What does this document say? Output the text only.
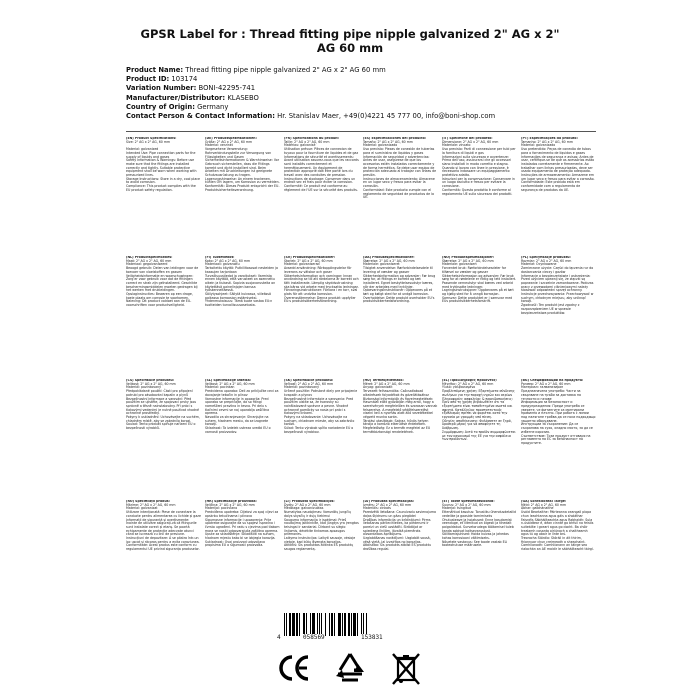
GPSR Label for : Thread fitting pipe nipple galvanized 2" AG x 2"
AG 60 mm
Product Name: Thread fitting pipe nipple galvanized 2" AG x 2" AG 60 mm
Product ID: 103174
Variation Number: BONI-42295-741
Manufacturer/Distributor: KLASEBO
Country of Origin: Germany
Contact Person & Contact Information: Hr. Stanislav Maer, +49(0)4221 45 777 00, info@boni-shop.com
(EN) Product Specifications:
Size: 2" AG x 2" AG, 60 mm

Material: galvanized
Intended Use: Pipe connection parts for the supply of liquids and gases
Safety Information & Warnings: Before use make sure that the fittings are installed correctly and tightly. Suitable protective equipment shall be worn when working with pressurized lines.
Storage Instructions: Store in a dry, cool place to avoid corrosion.
Compliance: This product complies with the EU product safety regulation.
(DE) Produktspezifikationen:
Größe: 2" AG x 2" AG, 60 mm
Material: verzinkt
Vorgesehene Verwendung: Rohrverbindungsteile zur Versorgung von Flüssigkeiten und Gasen
Sicherheitsinformationen & Warnhinweise: Vor Gebrauch sicherstellen, dass die Fittings korrekt und dicht installiert sind. Beim Arbeiten mit Druckleitungen ist geeignete Schutzausrüstung zu tragen.
Lagerungshinweise: An einem trockenen, kühlen Ort lagern, um Korrosion zu vermeiden.
Konformität: Dieses Produkt entspricht der EU-Produktsicherheitsverordnung.
(FR) Spécifications du produit:
Taille: 2" AG x 2" AG, 60 mm
Matériau: galvanisé
Utilisation prévue: Pièces de connexion de tuyaux pour la fourniture de liquides et de gaz
Informations de sécurité et avertissements: Avant utilisation assurez-vous que les raccords sont installés correctement et hermétiquement. Un équipement de protection approprié doit être porté lors du travail avec des conduites de pression.
Instructions de stockage: Conserver dans un endroit sec et frais pour éviter la corrosion.
Conformité: Ce produit est conforme au règlement de l'UE sur la sécurité des produits.
(ES) Especificaciones del producto:
Tamaño: 2" AG x 2" AG, 60 mm
Material: galvanizado
Uso previsto: Piezas de conexión de tuberías para el suministro de líquidos y gases
Información de seguridad y advertencias: Antes de usar, asegúrese de que los accesorios estén instalados correctamente y de forma hermética. Se debe usar equipo de protección adecuado al trabajar con líneas de presión.
Instrucciones de almacenamiento: Almacene en un lugar seco y fresco para evitar la corrosión.
Conformidad: Este producto cumple con el reglamento de seguridad de productos de la UE.
(IT) Specifiche del prodotto:
Dimensione: 2" AG x 2" AG, 60 mm
Materiale: zincato
Uso previsto: Parti di connessione per tubi per la fornitura di liquidi e gas
Informazioni sulla sicurezza e avvertenze: Prima dell'uso, assicurarsi che gli accessori siano installati in modo corretto e stagno. Quando si lavora con linee in pressione, è necessario indossare un equipaggiamento protettivo adatto.
Istruzioni per la conservazione: Conservare in un luogo asciutto e fresco per evitare la corrosione.
Conformità: Questo prodotto è conforme al regolamento UE sulla sicurezza dei prodotti.
(PT) Especificações do produto:
Tamanho: 2" AG x 2" AG, 60 mm
Material: galvanizado
Uso pretendido: Peças de conexão de tubos para o fornecimento de líquidos e gases
Informações de segurança e avisos: Antes de usar, certifique-se de que os acessórios estão instalados corretamente e firmemente. Ao trabalhar com linhas pressurizadas, deve ser usado equipamento de proteção adequado.
Instruções de armazenamento: Armazene em um lugar seco e fresco para evitar a corrosão.
Conformidade: Este produto está em conformidade com o regulamento de segurança de produtos da UE.
(NL) Productspecificaties:
Maat: 2" AG x 2" AG, 60 mm
Materiaal: gegalvaniseerd
Beoogd gebruik: Delen van leidingen voor de toevoer van vloeistoffen en gassen
Veiligheidsinformatie en waarschuwingen: Zorg er voor gebruik voor dat de fittingen correct en strak zijn geïnstalleerd. Geschikte beschermingsmiddelen moeten gedragen bij het werken met drukleidingen.
Opslaginstructies: Bewaren op een droge, koele plaats om corrosie te voorkomen.
Naleving: Dit product voldoet aan de EU-voorschriften voor productveiligheid.
(FI) Tuotetiedot:
Koko: 2" AG x 2" AG, 60 mm
Materiaali: galvanoitu
Tarkoitettu käyttö: Putkiliitososat nesteiden ja kaasujen tarjontaan
Turvallisuustiedot ja varoitukset: Varmista ennen käyttöä, että varusteet on asennettu oikein ja tiukasti. Sopivia suojavarusteita on käytettävä painelinjojen kanssa työskenneltäessä.
Säilytysohjeet: Säilytä kuivassa, viileässä paikassa korroosion estämiseksi.
Yhdenmukaisuus: Tämä tuote vastaa EU:n tuotteiden turvallisuusasetusta.
(SV) Produktspecifikationer:
Storlek: 2" AG x 2" AG, 60 mm
Material: galvaniserad
Avsedd användning: Rörkopplingsdelar för leverans av vätskor och gaser
Säkerhetsinformation och varningar: Innan användning se till att rördelarna är korrekt och tätt installerade. Lämplig skyddsutrustning ska bäras vid arbete med trycksatta ledningar.
Förvaringsinstruktioner: Förvara i en torr, sval plats för att undvika korrosion.
Överensstämmelse: Denna produkt uppfyller EU:s produktsäkerhetsförordning.
(DA) Produktspecifikationer:
Størrelse: 2" AG x 2" AG, 60 mm
Materiale: galvaniseret
Tilsigtet anvendelse: Rørforbindelsesdele til levering af væsker og gasser
Sikkerhedsinformation og advarsler: Før brug sørg for, at fittings er korrekt og tæt installeret. Egnet beskyttelsesudstyr bæres, når der arbejdes med tryklinjer.
Opbevaringsinstruktioner: Opbevares på et tørt og køligt sted for at undgå korrosion.
Overholdelse: Dette produkt overholder EU's produktsikkerhedsforordning.
(NO) Produktspesifikasjoner:
Størrelse: 2" AG x 2" AG, 60 mm
Materiale: galvanisert
Forventet bruk: Rørforbindelsesdeler for tilførsel av væsker og gasser
Sikkerhetsinformasjon og advarsler: Før bruk sørg for at rørdelene er riktig og tett installert. Passende verneutstyr skal bæres ved arbeid med trykksatte ledninger.
Lagringsinstruksjoner: Oppbevares på et tørt og kjølig sted for å unngå korrosjon.
Samsvar: Dette produktet er i samsvar med EUs produktsikkerhetsforskrift.
(PL) Specyfikacje produktu:
Rozmiar: 2" AG x 2" AG, 60 mm
Materiał: Ocynkowane
Zamierzone użycie: Części do łączenia rur do dostarczania cieczy i gazów
Informacje o bezpieczeństwie i ostrzeżenia: Przed użyciem upewnij się, że złączki są poprawnie i szczelnie zamontowane. Podczas pracy z przewodami ciśnieniowymi należy stosować odpowiedni sprzęt ochronny.
Instrukcje przechowywania: Przechowywać w suchym, chłodnym miejscu, aby uniknąć korozji.
Zgodność: Ten produkt jest zgodny z rozporządzeniem UE w sprawie bezpieczeństwa produktów.
(CS) Specifikace produktu:
Velikost: 2" AG x 2" AG, 60 mm
Materiál: pozinkovaný
Předpokládané použití: Části pro připojení potrubí pro zásobování kapalin a plynů
Bezpečnostní informace a varování: Před použitím se ujistěte, že spojovací prvky jsou správně a těsně nainstalovány. Při práci s tlakovými vedeními je nutné používat vhodné ochranné prostředky.
Pokyny k uskladnění: Uchovávejte na suchém, chladném místě, aby se zabránilo korozi.
Soulad: Tento produkt splňuje nařízení EU o bezpečnosti výrobků.
(SL) Specifikacije izdelka:
Velikost: 2" AG x 2" AG, 60 mm
Material: pocinkan
Predvidena uporaba: Deli za priključke cevi za dovajanje tekočin in plinov
Varnostne informacije in opozorila: Pred uporabo se prepričajte, da so fitingi nameščeni pravilno in tesno. Pri delu s tlačnimi cevmi se naj uporablja zaščitna oprema.
Navodila za shranjevanje: Shranjujte na suhem, hladnem mestu, da se izognete koroziji.
Skladnost: Ta izdelek ustreza uredbi EU o varnosti proizvodov.
(SK) Špecifikácie produktu:
Veľkosť: 2" AG x 2" AG, 60 mm
Materiál: pozinkovaný
Určené použitie: Potrubné diely pre pripojenie kvapalín a plynov
Bezpečnostné informácie a varovania: Pred použitím uistite sa, že tvarovky sú nainštalované správne a pevne. Vhodné ochranné pomôcky sa nosia pri práci s tlakovými linkami.
Pokyny na skladovanie: Uchovávajte na suchom, chladnom mieste, aby sa zabránilo korózii.
Súlad: Tento výrobok spĺňa nariadenie EÚ o bezpečnosti výrobkov.
(HU) Termékjellemzők:
Méret: 2" AG x 2" AG, 60 mm
Anyag: galvanizált
Tervezett felhasználás: Csőcsatlakozó alkatrészek folyadékok és gázellátásához
Biztonsági információk és figyelmeztetések: Használat előtt győződjön meg arról, hogy a szerelvények megfelelően és szorosan vannak felszerelve. A megfelelő védőfelszerelést viselni kell a nyomás alatt álló vezetékekkel végzett munka során.
Tárolási utasítások: Száraz, hűvös helyen tárolja a korrózió elkerülése érdekében.
Megfelelőség: Ez a termék megfelel az EU termékbiztonsági rendeletének.
(EL) Προδιαγραφές προϊόντος:
Μέγεθος: 2" AG x 2" AG, 60 mm
Υλικό: γαλβανισμένο
Προβλεπόμενη χρήση: Εξαρτήματα σύνδεσης σωλήνων για την παροχή υγρών και αερίων
Πληροφορίες ασφαλείας & προειδοποιήσεις: Πριν από τη χρήση βεβαιωθείτε ότι τα εξαρτήματα είναι τοποθετημένα σωστά και σφιχτά. Κατάλληλος προστατευτικός εξοπλισμός πρέπει να φοριέται κατά την εργασία με γραμμές υπό πίεση.
Οδηγίες αποθήκευσης: Φυλάσσετε σε ξηρό, δροσερό μέρος για να αποφύγετε τη διάβρωση.
Συμμόρφωση: Αυτό το προϊόν συμμορφώνεται με τον κανονισμό της ΕΕ για την ασφάλεια των προϊόντων.
(BG) Спецификации на продукта:
Размер: 2" AG x 2" AG, 60 mm
Материал: галванизиран
Предназначена употреба: Части за свързване на тръби за доставка на течности и газове
Информация за безопасност и предупреждения: Преди употреба се уверете, че фитингите са монтирани правилно и плътно. При работа с линии под налягане трябва да се носи подходящо защитно оборудване.
Инструкции за съхранение: Да се съхранява на сухо, хладно място, за да се избегне корозия.
Съответствие: Този продукт отговаря на регламента на ЕС за безопасност на продуктите.
(RO) Specificații produs:
Mărime: 2" AG x 2" AG, 60 mm
Material: galvanizat
Utilizare intenționată: Piese de conectare la conducte pentru alimentarea cu lichide și gaze
Informații de siguranță și avertismente: Înainte de utilizare asigurați-vă că fitingurile sunt instalate corect și etanș. Se poartă echipamente de protecție adecvate atunci când se lucrează cu linii de presiune.
Instrucțiuni de depozitare: A se păstra într-un loc uscat și răcoros pentru a evita coroziunea.
Conformitate: Acest produs este conform cu regulamentul UE privind siguranța produselor.
(HR) Specifikacije proizvoda:
Veličina: 2" AG x 2" AG, 60 mm
Materijal: pocinčano
Predviđena upotreba: Dijelovi za spoj cijevi za opskrbu tekućinama i plinova
Sigurnosne informacije i upozorenja: Prije upotrebe osigurajte da su spojevi ispravno i čvrsto ugrađeni. Pri radu s cjevima pod tlakom mora se nositi odgovarajuća zaštitna oprema.
Upute za skladištenje: Skladištiti na suhom, hladnom mjestu kako bi se izbjegla korozija.
Sukladnost: Ovaj proizvod udovoljava propisima EU o sigurnosti proizvoda.
(LT) Produkto specifikacijos:
Dydis: 2" AG x 2" AG, 60 mm
Medžiaga: galvanizuotas
Numatytas naudojimas: Vamzdžių jungčių dalys skysčių ir dujų tiekimui
Saugumo informacija ir įspėjimai: Prieš naudojimą įsitikinkite, kad jungtys yra įrengtos teisingai ir sandariai. Dirbant su slėgio linijomis, dėvėkite tinkamas apsaugos priemones.
Laikymo instrukcijos: Laikyti sausoje, vėsioje vietoje, kad būtų išvengta korozijos.
Atitiktis: Šis produktas atitinka ES produktų saugos reglamentą.
(LV) Produkta specifikācijas:
Izmērs: 2" AG x 2" AG, 60 mm
Materiāls: cinkots
Paredzētā lietošana: Caurulvadu savienojuma daļas šķidrumu un gāzu piegādei
Drošības informācija un brīdinājumi: Pirms lietošanas pārliecinieties, ka piederumi ir pareizi un cieši uzstādīti. Strādājot ar spiediena līnijām, jāvalkā piemērots aizsardzības aprīkojums.
Uzglabāšanas norādījumi: Uzglabāt sausā, vēsā vietā, lai izvairītos no korozijas.
Atbilstība: Šis produkts atbilst ES produktu drošības regulai.
(ET) Toote spetsifikatsioonid:
Suurus: 2" AG x 2" AG, 60 mm
Materjal: tsingitud
Ettenähtud kasutus: Torustiku ühendusdetailid vedelike ja gaaside tarnimiseks
Ohutusteave ja hoiatused: Enne kasutamist veenduge, et liitmikud on õigesti ja tihedalt paigaldatud. Survetorudega töötamisel tuleb kanda sobivat kaitsevarustust.
Säilitamisjuhised: Hoida kuivas ja jahedas kohas korrosiooni vältimiseks.
Nõuetele vastavus: See toode vastab ELi tooteohutuse määrusele.
(GA) Sonraíochtaí Táirge:
Méid: 2" AG x 2" AG, 60 mm
Ábhar: galbhánaithe
Úsáid Beartaithe: Páirteanna ceangail píopa chun leachtanna agus gáis a sholáthar
Faisnéis Sábháilteachta agus Rabhaidh: Sula n-úsáidtear é, déan cinnte go bhfuil na feistis suiteáilte i gceart agus go docht. Ba chóir trealamh cosanta oiriúnach a chaitheamh agus tú ag obair le línte brú.
Treoracha Stórála: Stóráil in áit thirim, fhionnuar chun creimeadh a sheachaint.
Comhlíonadh: Comhlíonann an táirge seo rialachán an AE maidir le sábháilteacht táirgí.
4	058569	153831
